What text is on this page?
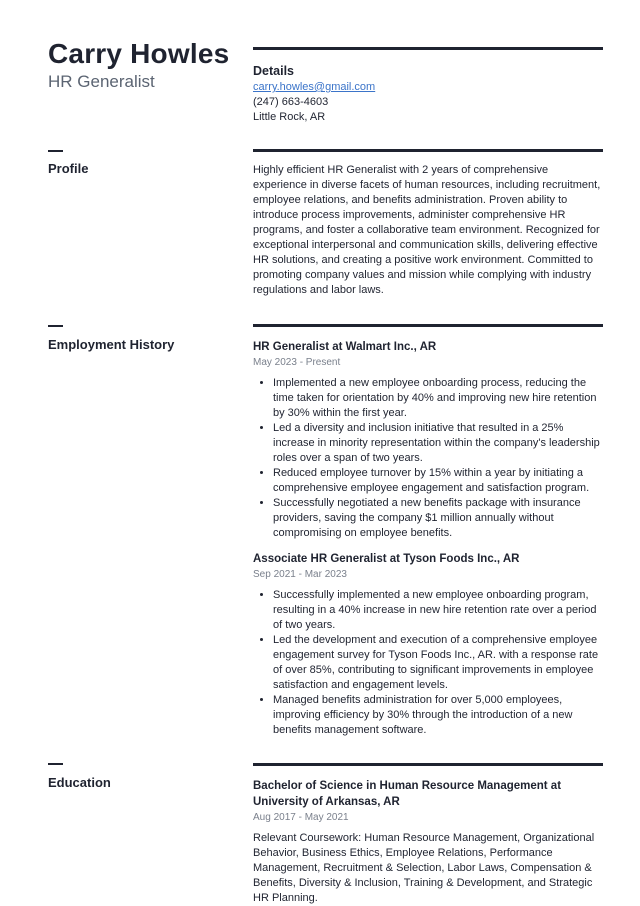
Carry Howles
HR Generalist
Details
carry.howles@gmail.com
(247) 663-4603
Little Rock, AR
Profile	Highly efficient HR Generalist with 2 years of comprehensive experience in diverse facets of human resources, including recruitment, employee relations, and benefits administration. Proven ability to introduce process improvements, administer comprehensive HR programs, and foster a collaborative team environment. Recognized for exceptional interpersonal and communication skills, delivering effective HR solutions, and creating a positive work environment. Committed to promoting company values and mission while complying with industry regulations and labor laws.
Employment History	HR Generalist at Walmart Inc., AR
May 2023 - Present
• Implemented a new employee onboarding process, reducing the time taken for orientation by 40% and improving new hire retention by 30% within the first year.
• Led a diversity and inclusion initiative that resulted in a 25% increase in minority representation within the company's leadership roles over a span of two years.
• Reduced employee turnover by 15% within a year by initiating a comprehensive employee engagement and satisfaction program.
• Successfully negotiated a new benefits package with insurance providers, saving the company $1 million annually without compromising on employee benefits.
Associate HR Generalist at Tyson Foods Inc., AR
Sep 2021 - Mar 2023
• Successfully implemented a new employee onboarding program, resulting in a 40% increase in new hire retention rate over a period of two years.
• Led the development and execution of a comprehensive employee engagement survey for Tyson Foods Inc., AR. with a response rate of over 85%, contributing to significant improvements in employee satisfaction and engagement levels.
• Managed benefits administration for over 5,000 employees, improving efficiency by 30% through the introduction of a new benefits management software.
Education	Bachelor of Science in Human Resource Management at University of Arkansas, AR
Aug 2017 - May 2021
Relevant Coursework: Human Resource Management, Organizational Behavior, Business Ethics, Employee Relations, Performance Management, Recruitment & Selection, Labor Laws, Compensation & Benefits, Diversity & Inclusion, Training & Development, and Strategic HR Planning.
